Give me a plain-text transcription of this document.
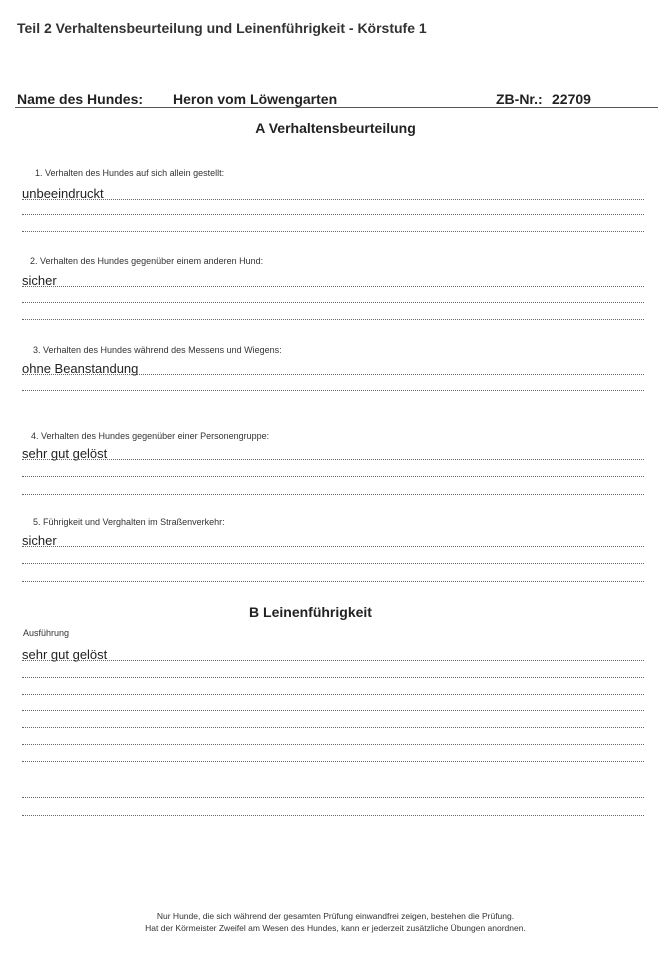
Teil 2 Verhaltensbeurteilung und Leinenführigkeit - Körstufe 1
Name des Hundes: Heron vom Löwengarten	ZB-Nr.: 22709
A Verhaltensbeurteilung
1. Verhalten des Hundes auf sich allein gestellt:
unbeeindruckt
2. Verhalten des Hundes gegenüber einem anderen Hund:
sicher
3. Verhalten des Hundes während des Messens und Wiegens:
ohne Beanstandung
4. Verhalten des Hundes gegenüber einer Personengruppe:
sehr gut gelöst
5. Führigkeit und Verghalten im Straßenverkehr:
sicher
B Leinenführigkeit
Ausführung
sehr gut gelöst
Nur Hunde, die sich während der gesamten Prüfung einwandfrei zeigen, bestehen die Prüfung.
Hat der Körmeister Zweifel am Wesen des Hundes, kann er jederzeit zusätzliche Übungen anordnen.
